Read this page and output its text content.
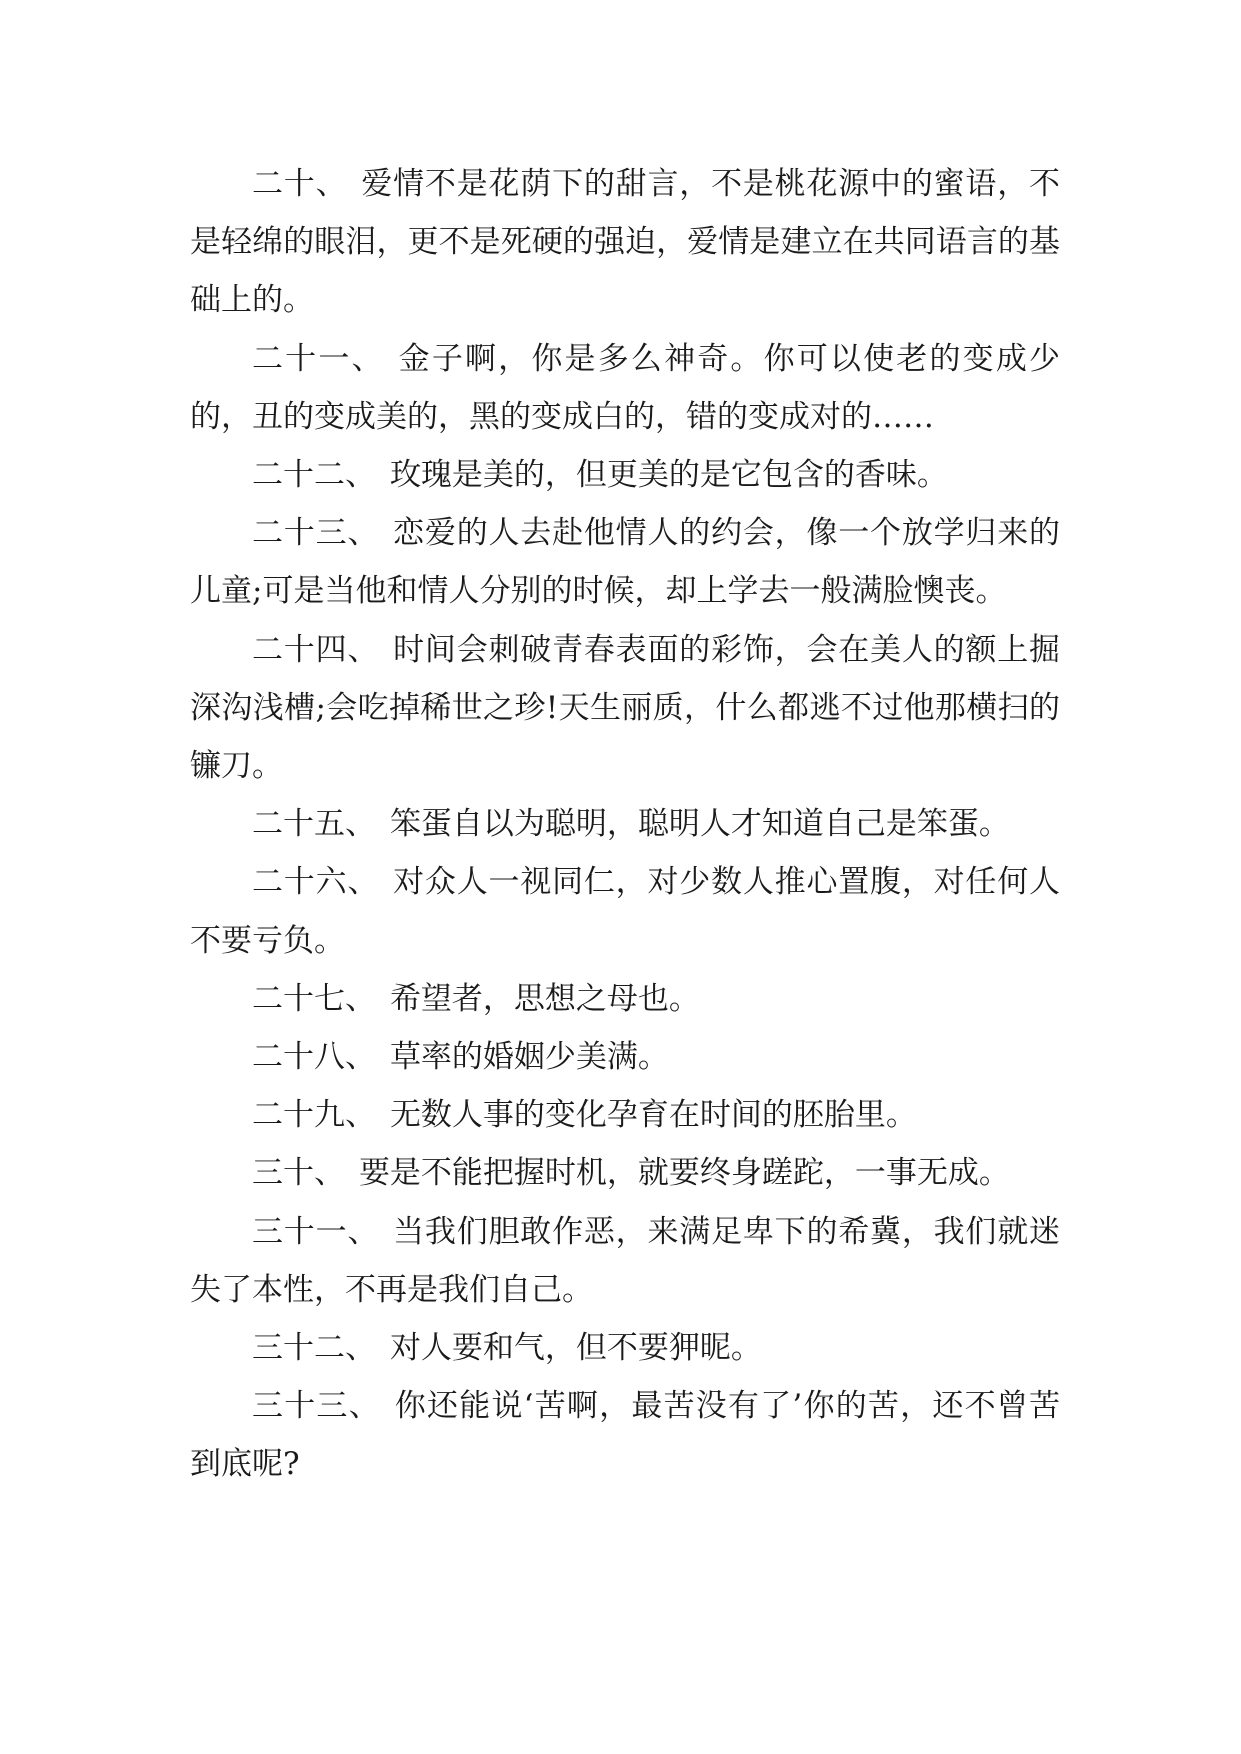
二十、 爱情不是花荫下的甜言，不是桃花源中的蜜语，不是轻绵的眼泪，更不是死硬的强迫，爱情是建立在共同语言的基础上的。

二十一、 金子啊，你是多么神奇。你可以使老的变成少的，丑的变成美的，黑的变成白的，错的变成对的……

二十二、 玫瑰是美的，但更美的是它包含的香味。

二十三、 恋爱的人去赴他情人的约会，像一个放学归来的儿童;可是当他和情人分别的时候，却上学去一般满脸懊丧。

二十四、 时间会刺破青春表面的彩饰，会在美人的额上掘深沟浅槽;会吃掉稀世之珍!天生丽质，什么都逃不过他那横扫的镰刀。

二十五、 笨蛋自以为聪明，聪明人才知道自己是笨蛋。

二十六、 对众人一视同仁，对少数人推心置腹，对任何人不要亏负。

二十七、 希望者，思想之母也。

二十八、 草率的婚姻少美满。

二十九、 无数人事的变化孕育在时间的胚胎里。

三十、 要是不能把握时机，就要终身蹉跎，一事无成。

三十一、 当我们胆敢作恶，来满足卑下的希冀，我们就迷失了本性，不再是我们自己。

三十二、 对人要和气，但不要狎昵。

三十三、 你还能说‘苦啊，最苦没有了’你的苦，还不曾苦到底呢?
